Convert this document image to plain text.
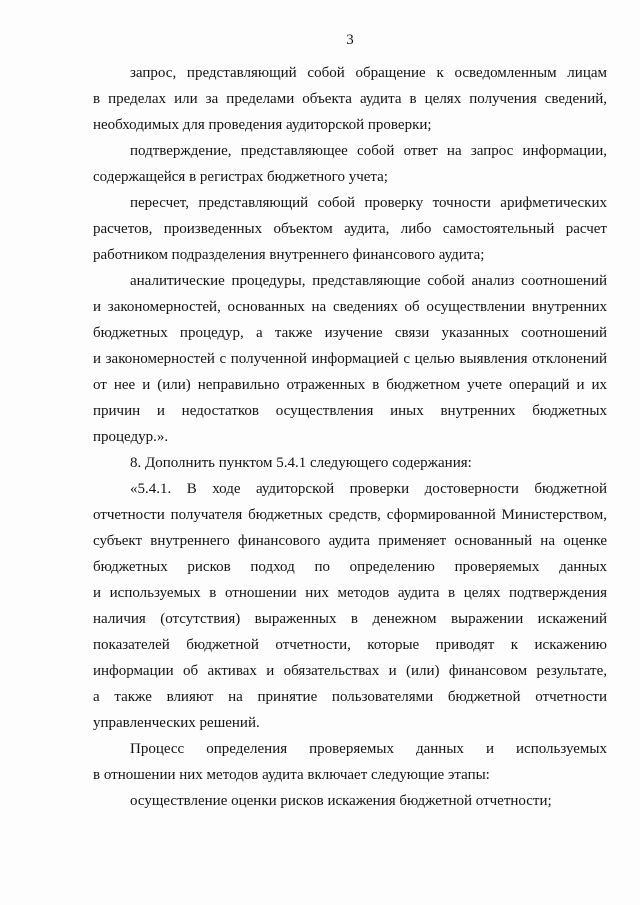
3
запрос, представляющий собой обращение к осведомленным лицам
в пределах или за пределами объекта аудита в целях получения сведений,
необходимых для проведения аудиторской проверки;
подтверждение, представляющее собой ответ на запрос информации,
содержащейся в регистрах бюджетного учета;
пересчет, представляющий собой проверку точности арифметических
расчетов, произведенных объектом аудита, либо самостоятельный расчет
работником подразделения внутреннего финансового аудита;
аналитические процедуры, представляющие собой анализ соотношений
и закономерностей, основанных на сведениях об осуществлении внутренних
бюджетных процедур, а также изучение связи указанных соотношений
и закономерностей с полученной информацией с целью выявления отклонений
от нее и (или) неправильно отраженных в бюджетном учете операций и их
причин и недостатков осуществления иных внутренних бюджетных
процедур.».
8. Дополнить пунктом 5.4.1 следующего содержания:
«5.4.1. В ходе аудиторской проверки достоверности бюджетной
отчетности получателя бюджетных средств, сформированной Министерством,
субъект внутреннего финансового аудита применяет основанный на оценке
бюджетных рисков подход по определению проверяемых данных
и используемых в отношении них методов аудита в целях подтверждения
наличия (отсутствия) выраженных в денежном выражении искажений
показателей бюджетной отчетности, которые приводят к искажению
информации об активах и обязательствах и (или) финансовом результате,
а также влияют на принятие пользователями бюджетной отчетности
управленческих решений.
Процесс определения проверяемых данных и используемых
в отношении них методов аудита включает следующие этапы:
осуществление оценки рисков искажения бюджетной отчетности;
